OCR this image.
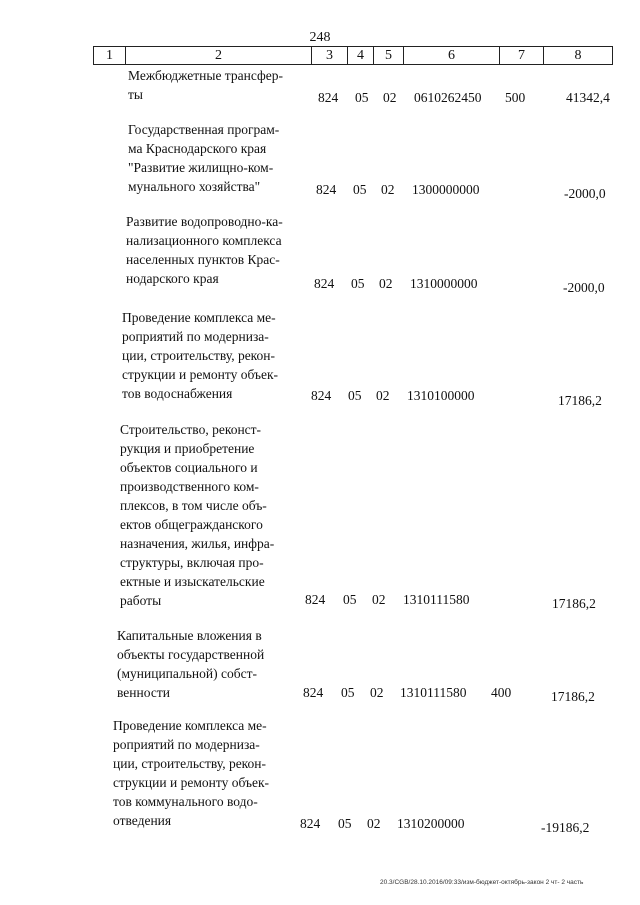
248
1	2	3	4	5	6	7	8
Межбюджетные трансфер-
ты	824 05 02 0610262450 500	41342,4
Государственная програм-
ма Краснодарского края
"Развитие жилищно-ком-
мунального хозяйства"	824 05 02 1300000000	-2000,0
Развитие водопроводно-ка-
нализационного комплекса
населенных пунктов Крас-
нодарского края	824 05 02 1310000000	-2000,0
Проведение комплекса ме-
роприятий по модерниза-
ции, строительству, рекон-
струкции и ремонту объек-
тов водоснабжения	824 05 02 1310100000	17186,2
Строительство, реконст-
рукция и приобретение
объектов социального и
производственного ком-
плексов, в том числе объ-
ектов общегражданского
назначения, жилья, инфра-
структуры, включая про-
ектные и изыскательские
работы	824 05 02 1310111580	17186,2
Капитальные вложения в
объекты государственной
(муниципальной) собст-
венности	824 05 02 1310111580 400	17186,2
Проведение комплекса ме-
роприятий по модерниза-
ции, строительству, рекон-
струкции и ремонту объек-
тов коммунального водо-
отведения	824 05 02 1310200000	-19186,2
20.3/CGB/28.10.2016/09:33/изм-бюджет-октябрь-закон 2 чт- 2 часть
